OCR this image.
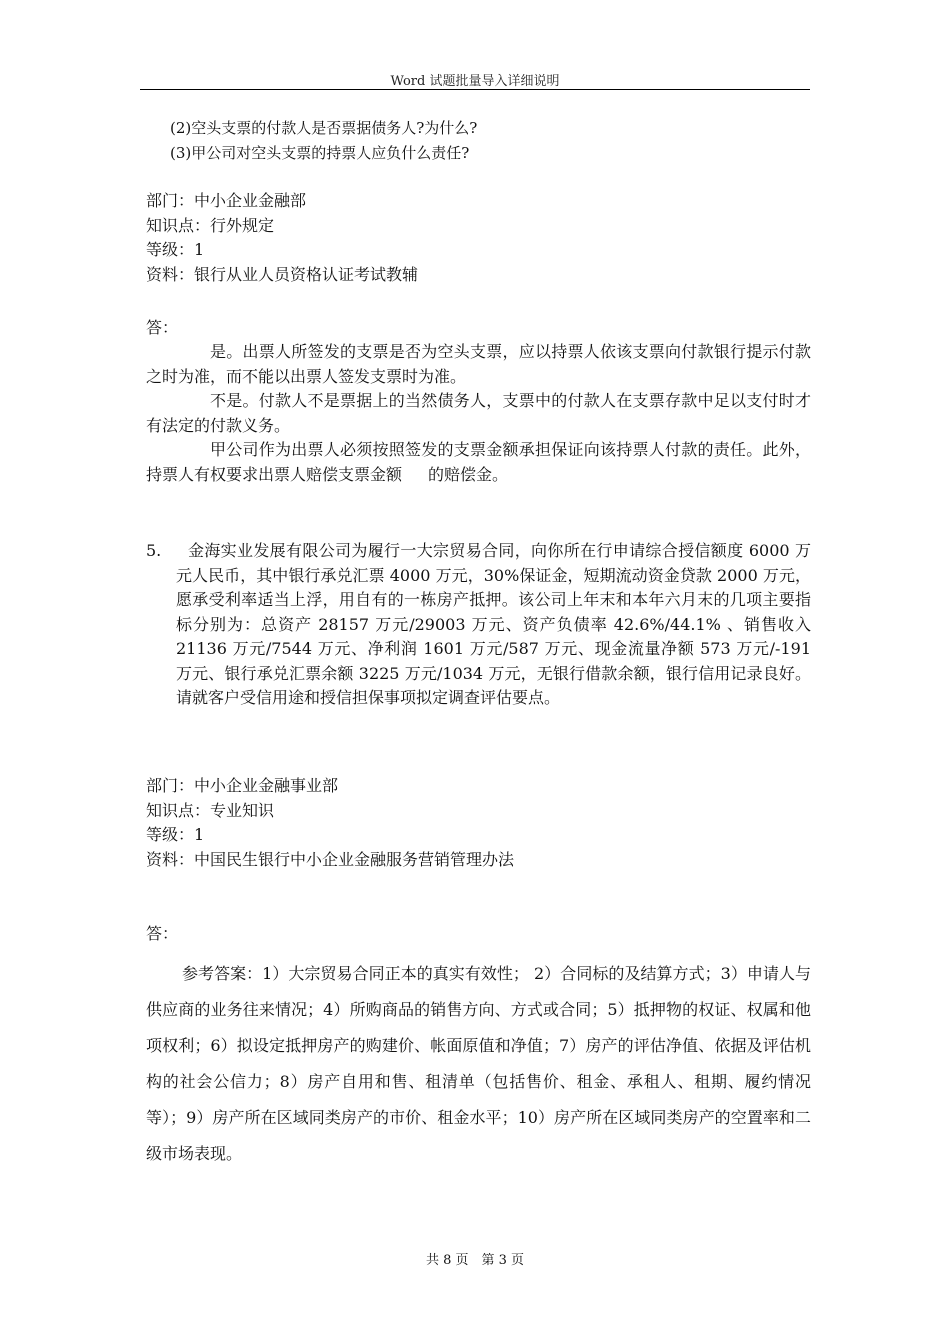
Word 试题批量导入详细说明
(2)空头支票的付款人是否票据债务人?为什么?
(3)甲公司对空头支票的持票人应负什么责任?
部门：中小企业金融部
知识点：行外规定
等级：1
资料：银行从业人员资格认证考试教辅
答：
是。出票人所签发的支票是否为空头支票，应以持票人依该支票向付款银行提示付款之时为准，而不能以出票人签发支票时为准。
不是。付款人不是票据上的当然债务人，支票中的付款人在支票存款中足以支付时才有法定的付款义务。
甲公司作为出票人必须按照签发的支票金额承担保证向该持票人付款的责任。此外，持票人有权要求出票人赔偿支票金额 的赔偿金。
5.	金海实业发展有限公司为履行一大宗贸易合同，向你所在行申请综合授信额度 6000 万元人民币，其中银行承兑汇票 4000 万元，30%保证金，短期流动资金贷款 2000 万元，愿承受利率适当上浮，用自有的一栋房产抵押。该公司上年末和本年六月末的几项主要指标分别为：总资产 28157 万元/29003 万元、资产负债率 42.6%/44.1% 、销售收入 21136 万元/7544 万元、净利润 1601 万元/587 万元、现金流量净额 573 万元/-191 万元、银行承兑汇票余额 3225 万元/1034 万元，无银行借款余额，银行信用记录良好。请就客户受信用途和授信担保事项拟定调查评估要点。
部门：中小企业金融事业部
知识点：专业知识
等级：1
资料：中国民生银行中小企业金融服务营销管理办法
答：
参考答案：1）大宗贸易合同正本的真实有效性； 2）合同标的及结算方式；3）申请人与供应商的业务往来情况；4）所购商品的销售方向、方式或合同；5）抵押物的权证、权属和他项权利；6）拟设定抵押房产的购建价、帐面原值和净值；7）房产的评估净值、依据及评估机构的社会公信力；8）房产自用和售、租清单（包括售价、租金、承租人、租期、履约情况等）；9）房产所在区域同类房产的市价、租金水平；10）房产所在区域同类房产的空置率和二级市场表现。
共 8 页　第 3 页
